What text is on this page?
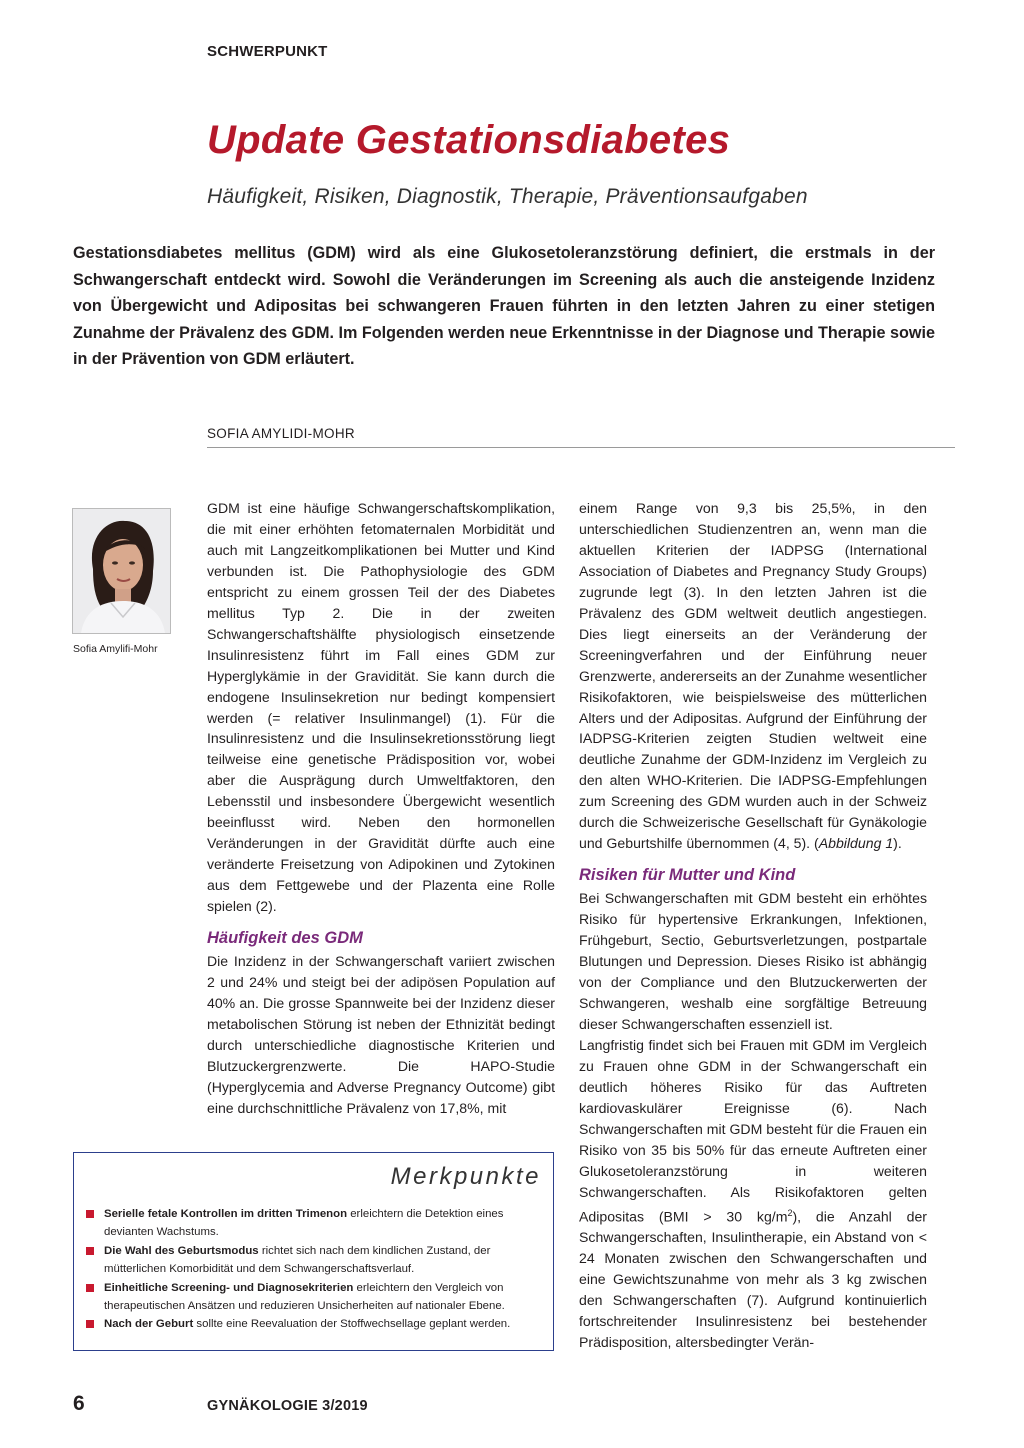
SCHWERPUNKT
Update Gestationsdiabetes
Häufigkeit, Risiken, Diagnostik, Therapie, Präventionsaufgaben
Gestationsdiabetes mellitus (GDM) wird als eine Glukosetoleranzstörung definiert, die erstmals in der Schwangerschaft entdeckt wird. Sowohl die Veränderungen im Screening als auch die ansteigende Inzidenz von Übergewicht und Adipositas bei schwangeren Frauen führten in den letzten Jahren zu einer stetigen Zunahme der Prävalenz des GDM. Im Folgenden werden neue Erkenntnisse in der Diagnose und Therapie sowie in der Prävention von GDM erläutert.
SOFIA AMYLIDI-MOHR
Sofia Amylifi-Mohr

GDM ist eine häufige Schwangerschaftskomplikation, die mit einer erhöhten fetomaternalen Morbidität und auch mit Langzeitkomplikationen bei Mutter und Kind verbunden ist. Die Pathophysiologie des GDM entspricht zu einem grossen Teil der des Diabetes mellitus Typ 2. Die in der zweiten Schwangerschaftshälfte physiologisch einsetzende Insulinresistenz führt im Fall eines GDM zur Hyperglykämie in der Gravidität. Sie kann durch die endogene Insulinsekretion nur bedingt kompensiert werden (= relativer Insulinmangel) (1). Für die Insulinresistenz und die Insulinsekretionsstörung liegt teilweise eine genetische Prädisposition vor, wobei aber die Ausprägung durch Umweltfaktoren, den Lebensstil und insbesondere Übergewicht wesentlich beeinflusst wird. Neben den hormonellen Veränderungen in der Gravidität dürfte auch eine veränderte Freisetzung von Adipokinen und Zytokinen aus dem Fettgewebe und der Plazenta eine Rolle spielen (2).

Häufigkeit des GDM

Die Inzidenz in der Schwangerschaft variiert zwischen 2 und 24% und steigt bei der adipösen Population auf 40% an. Die grosse Spannweite bei der Inzidenz dieser metabolischen Störung ist neben der Ethnizität bedingt durch unterschiedliche diagnostische Kriterien und Blutzuckergrenzwerte. Die HAPO-Studie (Hyperglycemia and Adverse Pregnancy Outcome) gibt eine durchschnittliche Prävalenz von 17,8%, mit

einem Range von 9,3 bis 25,5%, in den unterschiedlichen Studienzentren an, wenn man die aktuellen Kriterien der IADPSG (International Association of Diabetes and Pregnancy Study Groups) zugrunde legt (3). In den letzten Jahren ist die Prävalenz des GDM weltweit deutlich angestiegen. Dies liegt einerseits an der Veränderung der Screeningverfahren und der Einführung neuer Grenzwerte, andererseits an der Zunahme wesentlicher Risikofaktoren, wie beispielsweise des mütterlichen Alters und der Adipositas. Aufgrund der Einführung der IADPSG-Kriterien zeigten Studien weltweit eine deutliche Zunahme der GDM-Inzidenz im Vergleich zu den alten WHO-Kriterien. Die IADPSG-Empfehlungen zum Screening des GDM wurden auch in der Schweiz durch die Schweizerische Gesellschaft für Gynäkologie und Geburtshilfe übernommen (4, 5). (Abbildung 1).

Risiken für Mutter und Kind

Bei Schwangerschaften mit GDM besteht ein erhöhtes Risiko für hypertensive Erkrankungen, Infektionen, Frühgeburt, Sectio, Geburtsverletzungen, postpartale Blutungen und Depression. Dieses Risiko ist abhängig von der Compliance und den Blutzuckerwerten der Schwangeren, weshalb eine sorgfältige Betreuung dieser Schwangerschaften essenziell ist.

Langfristig findet sich bei Frauen mit GDM im Vergleich zu Frauen ohne GDM in der Schwangerschaft ein deutlich höheres Risiko für das Auftreten kardiovaskulärer Ereignisse (6). Nach Schwangerschaften mit GDM besteht für die Frauen ein Risiko von 35 bis 50% für das erneute Auftreten einer Glukosetoleranzstörung in weiteren Schwangerschaften. Als Risikofaktoren gelten Adipositas (BMI > 30 $kg/m^2$), die Anzahl der Schwangerschaften, Insulintherapie, ein Abstand von < 24 Monaten zwischen den Schwangerschaften und eine Gewichtszunahme von mehr als 3 kg zwischen den Schwangerschaften (7). Aufgrund kontinuierlich fortschreitender Insulinresistenz bei bestehender Prädisposition, altersbedingter Verän-

Merkpunkte
Serielle fetale Kontrollen im dritten Trimenon erleichtern die Detektion eines devianten Wachstums.
Die Wahl des Geburtsmodus richtet sich nach dem kindlichen Zustand, der mütterlichen Komorbidität und dem Schwangerschaftsverlauf.
Einheitliche Screening- und Diagnosekriterien erleichtern den Vergleich von therapeutischen Ansätzen und reduzieren Unsicherheiten auf nationaler Ebene.
Nach der Geburt sollte eine Reevaluation der Stoffwechsellage geplant werden.
6	GYNÄKOLOGIE 3/2019
